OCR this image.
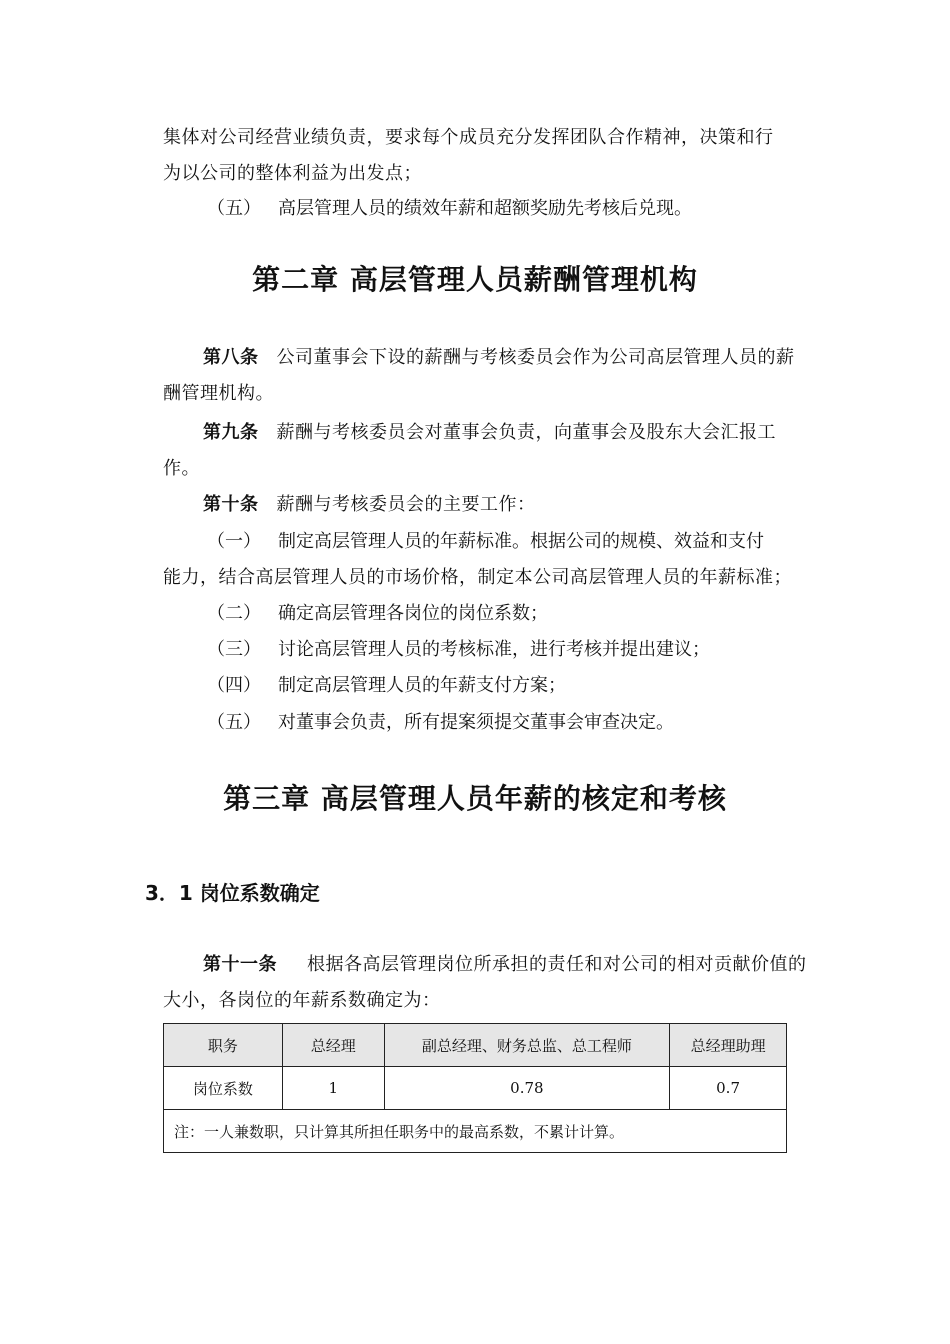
集体对公司经营业绩负责，要求每个成员充分发挥团队合作精神，决策和行
为以公司的整体利益为出发点；

（五） 高层管理人员的绩效年薪和超额奖励先考核后兑现。

第二章 高层管理人员薪酬管理机构

第八条 公司董事会下设的薪酬与考核委员会作为公司高层管理人员的薪酬管理机构。

第九条 薪酬与考核委员会对董事会负责，向董事会及股东大会汇报工作。

第十条 薪酬与考核委员会的主要工作：

（一） 制定高层管理人员的年薪标准。根据公司的规模、效益和支付

能力，结合高层管理人员的市场价格，制定本公司高层管理人员的年薪标准；

（二） 确定高层管理各岗位的岗位系数；

（三） 讨论高层管理人员的考核标准，进行考核并提出建议；

（四） 制定高层管理人员的年薪支付方案；

（五） 对董事会负责，所有提案须提交董事会审查决定。

第三章 高层管理人员年薪的核定和考核
3．1 岗位系数确定

第十一条 根据各高层管理岗位所承担的责任和对公司的相对贡献价值的大小，各岗位的年薪系数确定为：

职务	总经理	副总经理、财务总监、总工程师	总经理助理
岗位系数	1	0.78	0.7
注：一人兼数职，只计算其所担任职务中的最高系数，不累计计算。			
